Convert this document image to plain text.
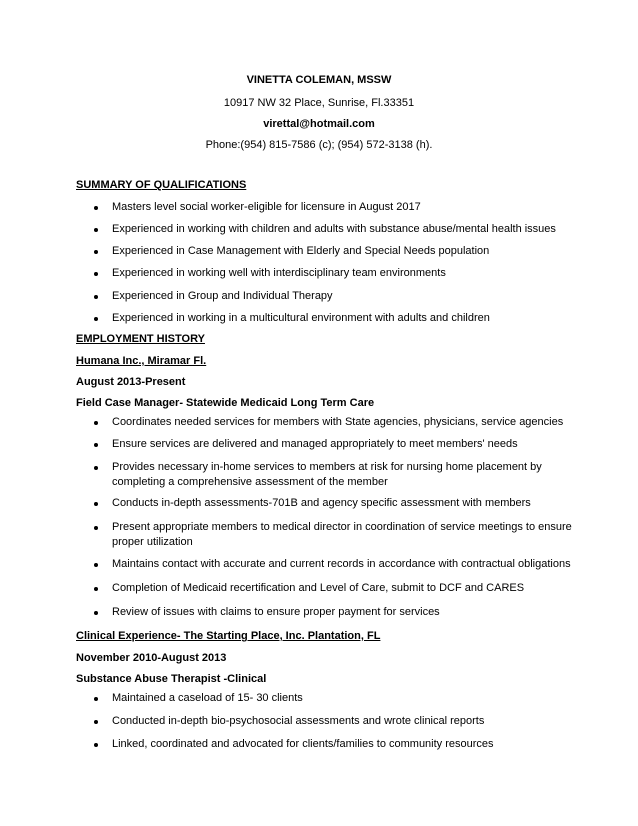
VINETTA COLEMAN, MSSW
10917 NW 32 Place, Sunrise, Fl.33351
virettal@hotmail.com
Phone:(954) 815-7586 (c); (954) 572-3138 (h).
SUMMARY OF QUALIFICATIONS
Masters level social worker-eligible for licensure in August 2017
Experienced in working with children and adults with substance abuse/mental health issues
Experienced in Case Management with Elderly and Special Needs population
Experienced in working well with interdisciplinary team environments
Experienced in Group and Individual Therapy
Experienced in working in a multicultural environment with adults and children
EMPLOYMENT HISTORY
Humana Inc., Miramar Fl.
August 2013-Present
Field Case Manager- Statewide Medicaid Long Term Care
Coordinates needed services for members with State agencies, physicians, service agencies
Ensure services are delivered and managed appropriately to meet members' needs
Provides necessary in-home services to members at risk for nursing home placement by completing a comprehensive assessment of the member
Conducts in-depth assessments-701B and agency specific assessment with members
Present appropriate members to medical director in coordination of service meetings to ensure proper utilization
Maintains contact with accurate and current records in accordance with contractual obligations
Completion of Medicaid recertification and Level of Care, submit to DCF and CARES
Review of issues with claims to ensure proper payment for services
Clinical Experience- The Starting Place, Inc. Plantation, FL
November 2010-August 2013
Substance Abuse Therapist -Clinical
Maintained a caseload of 15- 30 clients
Conducted in-depth bio-psychosocial assessments and wrote clinical reports
Linked, coordinated and advocated for clients/families to community resources
